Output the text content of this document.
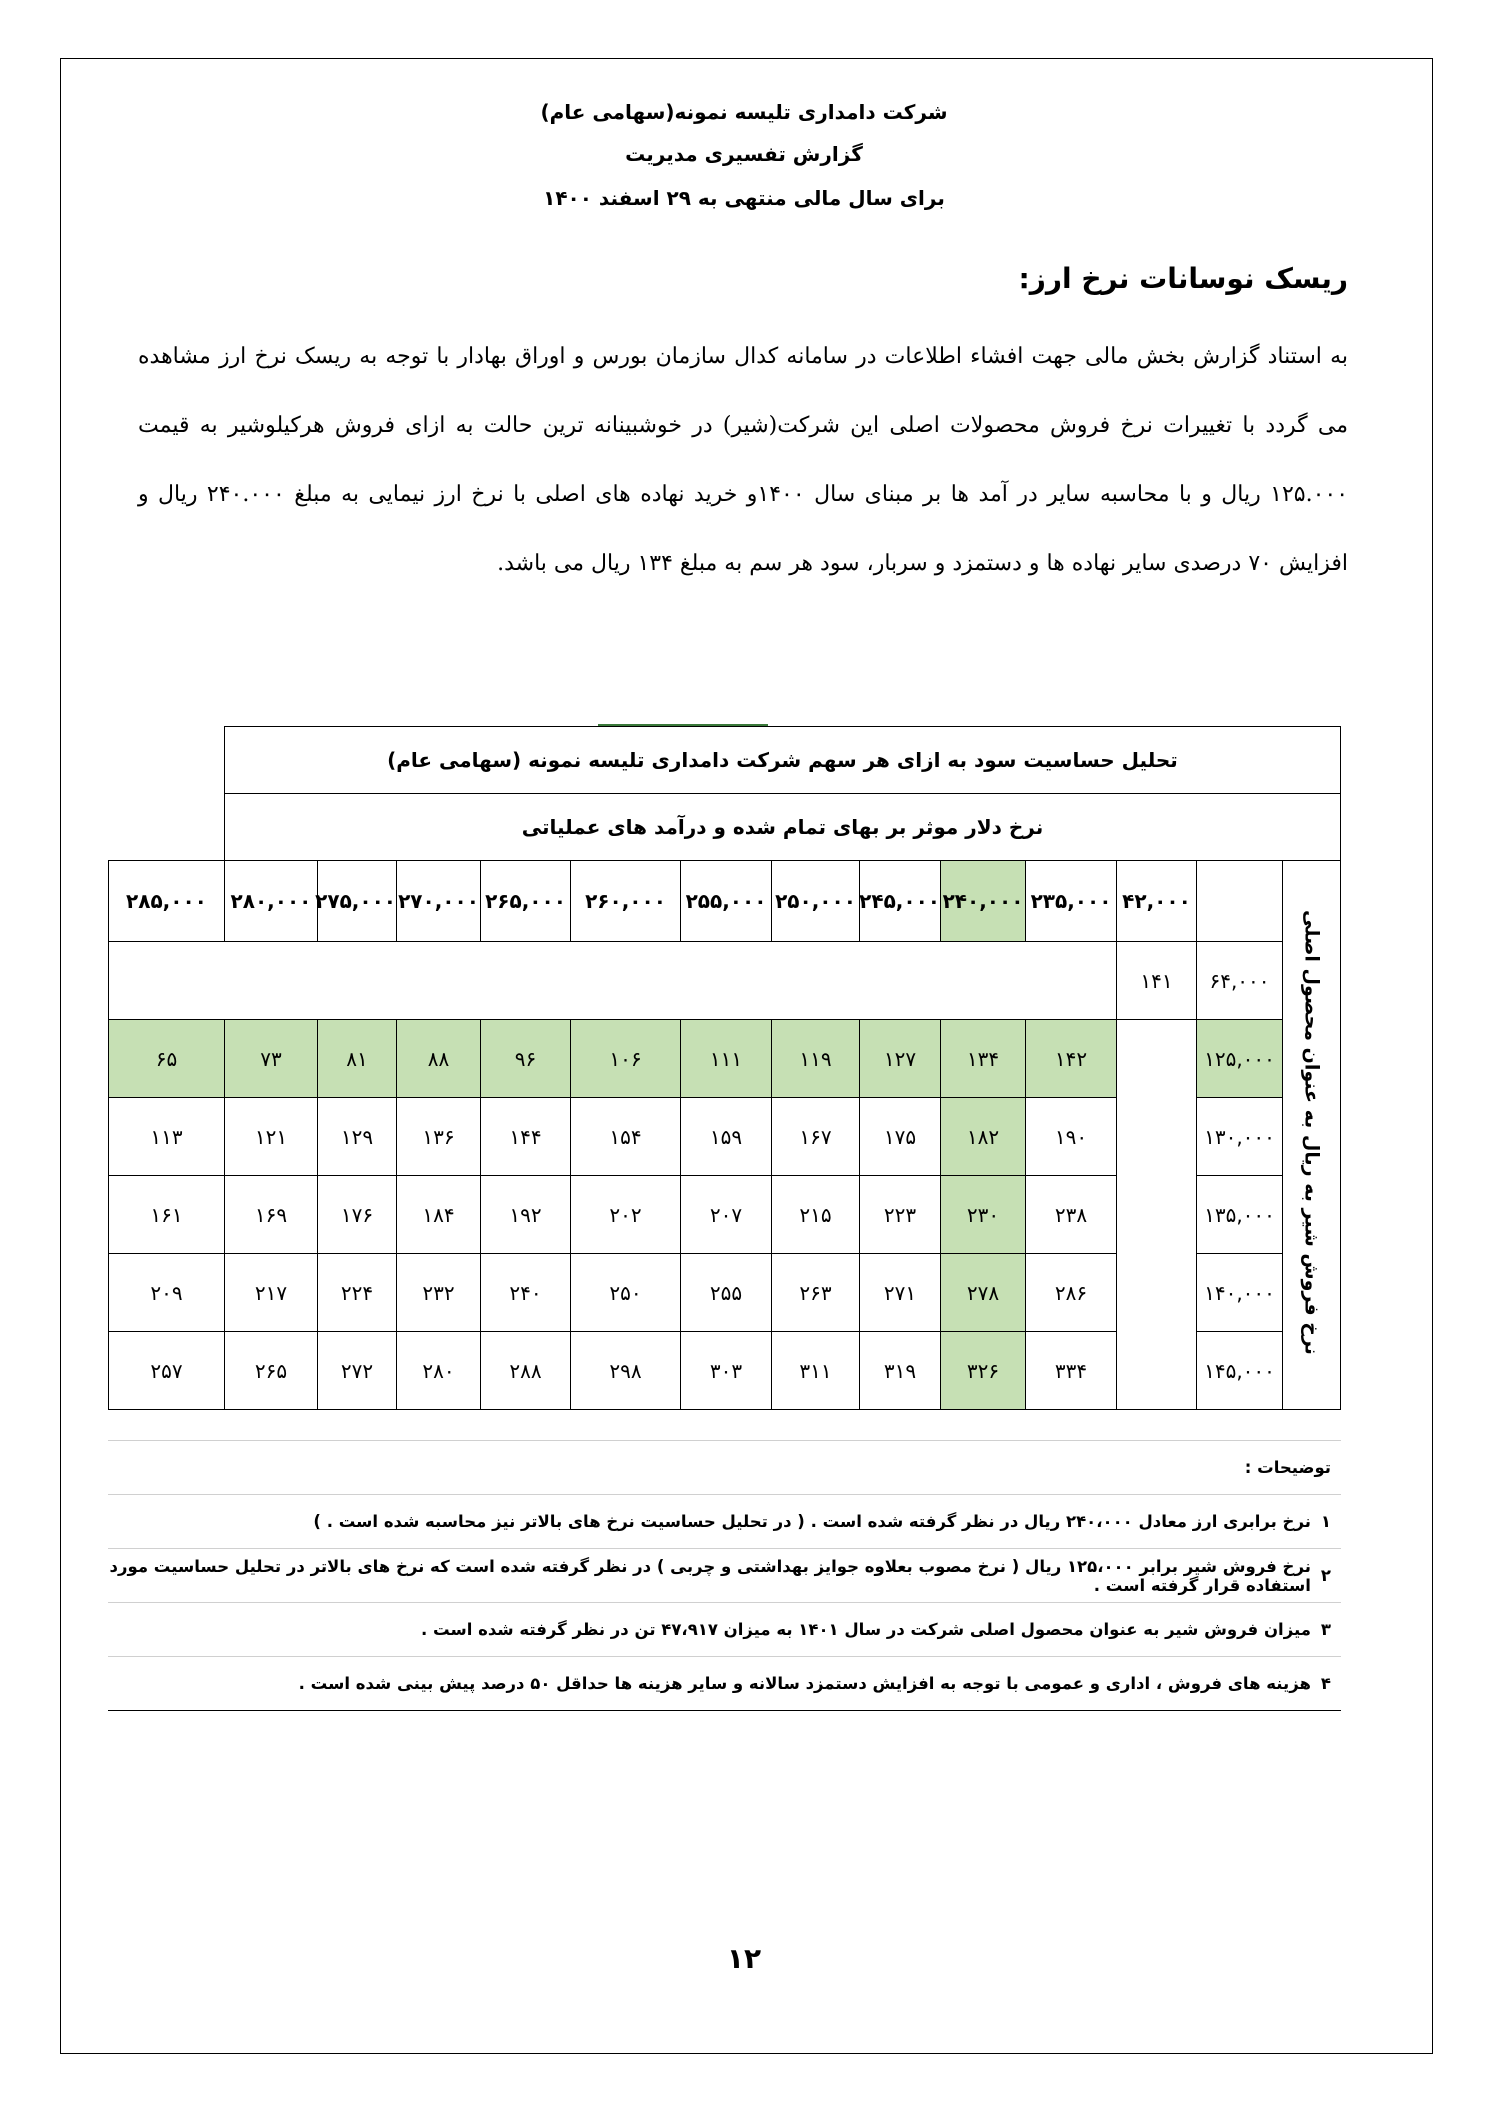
شرکت دامداری تلیسه نمونه(سهامی عام)
گزارش تفسیری مدیریت
برای سال مالی منتهی به ۲۹ اسفند ۱۴۰۰
ریسک نوسانات نرخ ارز:

به استناد گزارش بخش مالی جهت افشاء اطلاعات در سامانه کدال سازمان بورس و اوراق بهادار با توجه به ریسک نرخ ارز مشاهده می گردد با تغییرات نرخ فروش محصولات اصلی این شرکت(شیر) در خوشبینانه ترین حالت به ازای فروش هرکیلوشیر به قیمت ۱۲۵.۰۰۰ ریال و با محاسبه سایر در آمد ها بر مبنای سال ۱۴۰۰و خرید نهاده های اصلی با نرخ ارز نیمایی به مبلغ ۲۴۰.۰۰۰ ریال و افزایش ۷۰ درصدی سایر نهاده ها و دستمزد و سربار، سود هر سم به مبلغ ۱۳۴ ریال می باشد.

تحلیل حساسیت سود به ازای هر سهم شرکت دامداری تلیسه نمونه (سهامی عام)													
نرخ دلار موثر بر بهای تمام شده و درآمد های عملیاتی													
نرخ فروش شیر به ریال به عنوان محصول اصلی		۴۲,۰۰۰	۲۳۵,۰۰۰	۲۴۰,۰۰۰	۲۴۵,۰۰۰	۲۵۰,۰۰۰	۲۵۵,۰۰۰	۲۶۰,۰۰۰	۲۶۵,۰۰۰	۲۷۰,۰۰۰	۲۷۵,۰۰۰	۲۸۰,۰۰۰	۲۸۵,۰۰۰
	۶۴,۰۰۰	۱۴۱											
	۱۲۵,۰۰۰		۱۴۲	۱۳۴	۱۲۷	۱۱۹	۱۱۱	۱۰۶	۹۶	۸۸	۸۱	۷۳	۶۵
	۱۳۰,۰۰۰		۱۹۰	۱۸۲	۱۷۵	۱۶۷	۱۵۹	۱۵۴	۱۴۴	۱۳۶	۱۲۹	۱۲۱	۱۱۳
	۱۳۵,۰۰۰		۲۳۸	۲۳۰	۲۲۳	۲۱۵	۲۰۷	۲۰۲	۱۹۲	۱۸۴	۱۷۶	۱۶۹	۱۶۱
	۱۴۰,۰۰۰		۲۸۶	۲۷۸	۲۷۱	۲۶۳	۲۵۵	۲۵۰	۲۴۰	۲۳۲	۲۲۴	۲۱۷	۲۰۹
	۱۴۵,۰۰۰		۳۳۴	۳۲۶	۳۱۹	۳۱۱	۳۰۳	۲۹۸	۲۸۸	۲۸۰	۲۷۲	۲۶۵	۲۵۷
توضیحات :
۱
نرخ برابری ارز معادل ۲۴۰،۰۰۰ ریال در نظر گرفته شده است . ( در تحلیل حساسیت نرخ های بالاتر نیز محاسبه شده است . )
۲
نرخ فروش شیر برابر ۱۲۵،۰۰۰ ریال ( نرخ مصوب بعلاوه جوایز بهداشتی و چربی ) در نظر گرفته شده است که نرخ های بالاتر در تحلیل حساسیت مورد استفاده قرار گرفته است .
۳
میزان فروش شیر به عنوان محصول اصلی شرکت در سال ۱۴۰۱ به میزان ۴۷،۹۱۷ تن در نظر گرفته شده است .
۴
هزینه های فروش ، اداری و عمومی با توجه به افزایش دستمزد سالانه و سایر هزینه ها حداقل ۵۰ درصد پیش بینی شده است .
۱۲
